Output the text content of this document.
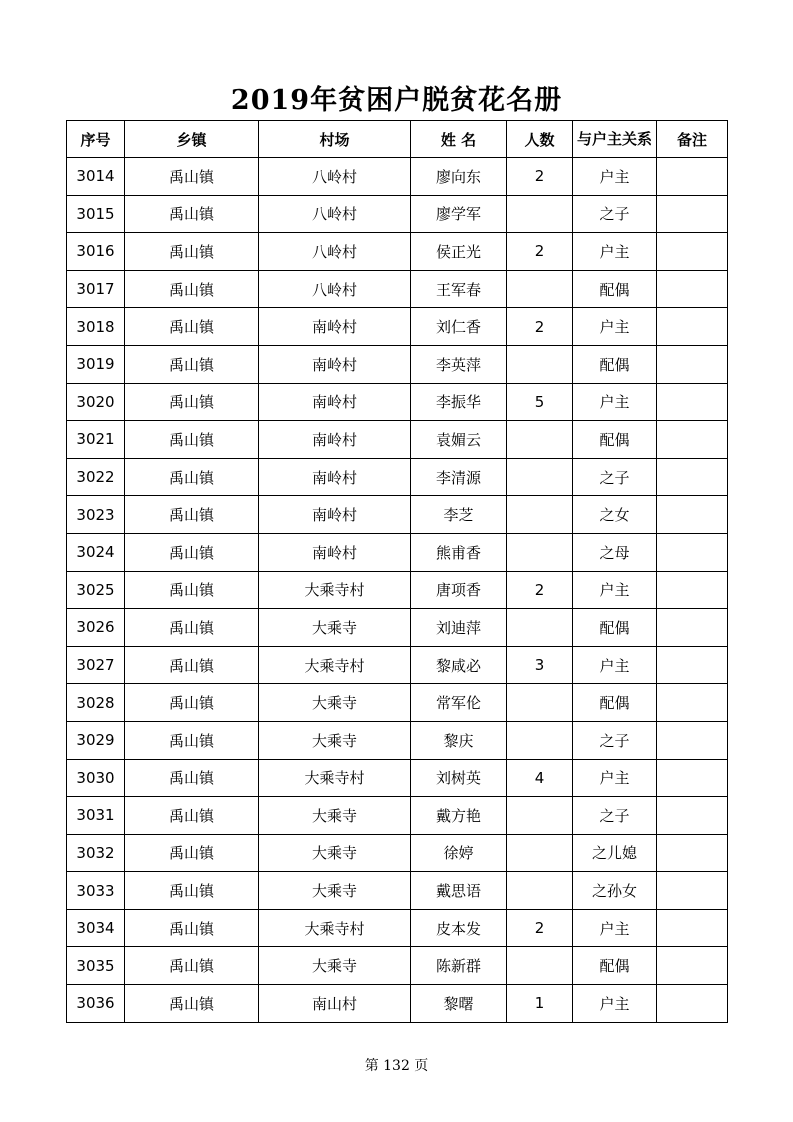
2019年贫困户脱贫花名册
序号	乡镇	村场	姓 名	人数	与户主关系	备注
3014	禹山镇	八岭村	廖向东	2	户主	
3015	禹山镇	八岭村	廖学军		之子	
3016	禹山镇	八岭村	侯正光	2	户主	
3017	禹山镇	八岭村	王军春		配偶	
3018	禹山镇	南岭村	刘仁香	2	户主	
3019	禹山镇	南岭村	李英萍		配偶	
3020	禹山镇	南岭村	李振华	5	户主	
3021	禹山镇	南岭村	袁媚云		配偶	
3022	禹山镇	南岭村	李清源		之子	
3023	禹山镇	南岭村	李芝		之女	
3024	禹山镇	南岭村	熊甫香		之母	
3025	禹山镇	大乘寺村	唐项香	2	户主	
3026	禹山镇	大乘寺	刘迪萍		配偶	
3027	禹山镇	大乘寺村	黎咸必	3	户主	
3028	禹山镇	大乘寺	常军伦		配偶	
3029	禹山镇	大乘寺	黎庆		之子	
3030	禹山镇	大乘寺村	刘树英	4	户主	
3031	禹山镇	大乘寺	戴方艳		之子	
3032	禹山镇	大乘寺	徐婷		之儿媳	
3033	禹山镇	大乘寺	戴思语		之孙女	
3034	禹山镇	大乘寺村	皮本发	2	户主	
3035	禹山镇	大乘寺	陈新群		配偶	
3036	禹山镇	南山村	黎曙	1	户主	
第 132 页
